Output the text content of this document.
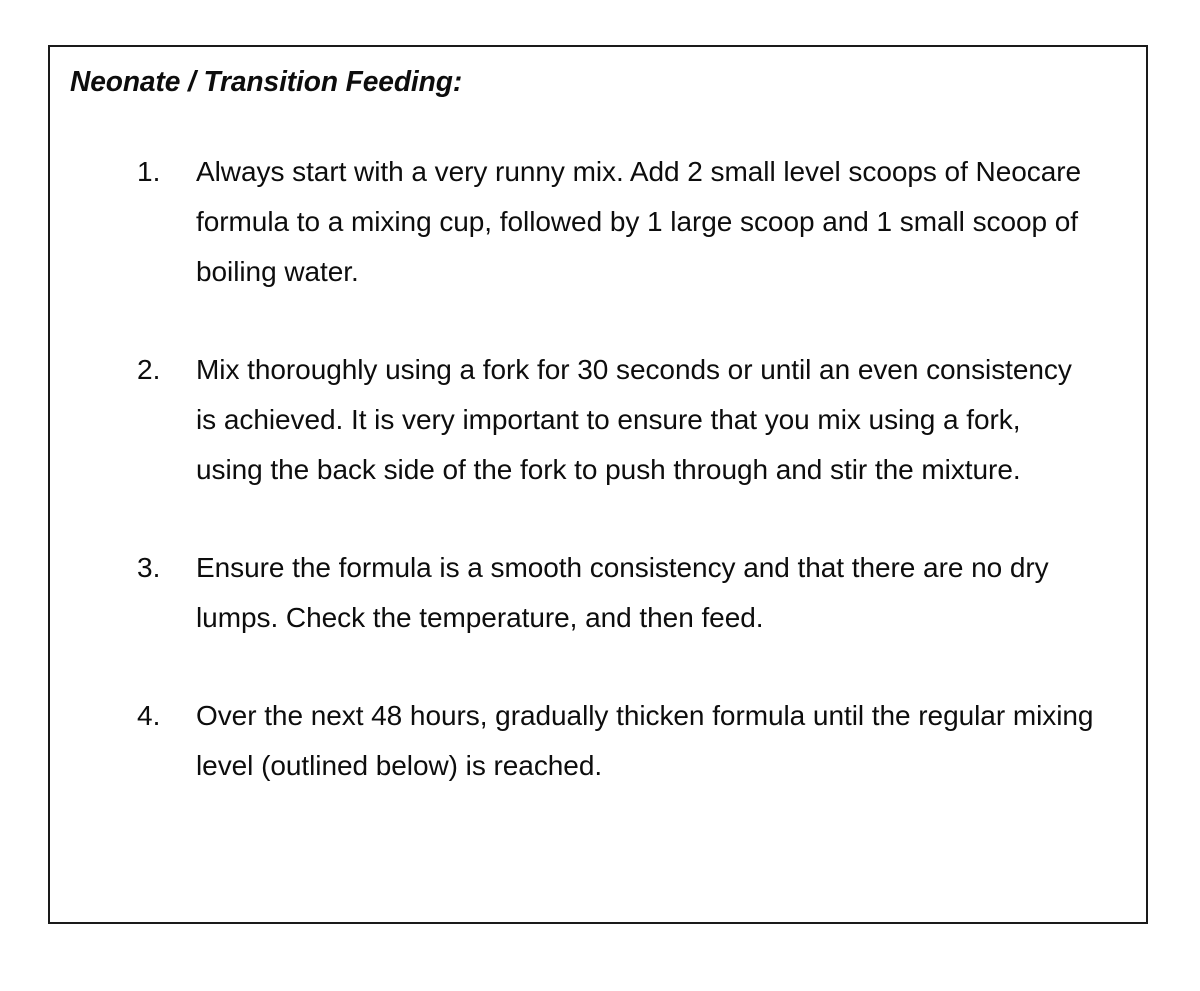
Neonate / Transition Feeding:
1.	Always start with a very runny mix. Add 2 small level scoops of Neocare formula to a mixing cup, followed by 1 large scoop and 1 small scoop of boiling water.
2.	Mix thoroughly using a fork for 30 seconds or until an even consistency is achieved. It is very important to ensure that you mix using a fork, using the back side of the fork to push through and stir the mixture.
3.	Ensure the formula is a smooth consistency and that there are no dry lumps. Check the temperature, and then feed.
4.	Over the next 48 hours, gradually thicken formula until the regular mixing level (outlined below) is reached.
